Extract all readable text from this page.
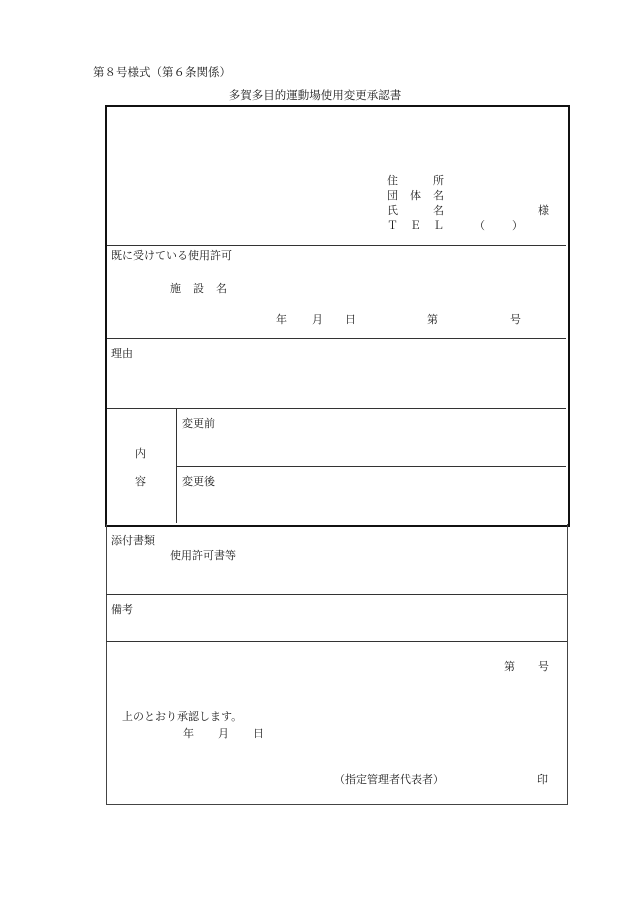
第８号様式（第６条関係）
多賀多目的運動場使用変更承認書
住	所
団 体 名
氏	名	様
Ｔ Ｅ Ｌ	（ ）
既に受けている使用許可
施 設 名
年 月 日	第	号
理由
内
容
変更前
変更後
添付書類
使用許可書等
備考
第 号
上のとおり承認します。
年 月 日
（指定管理者代表者）	印
